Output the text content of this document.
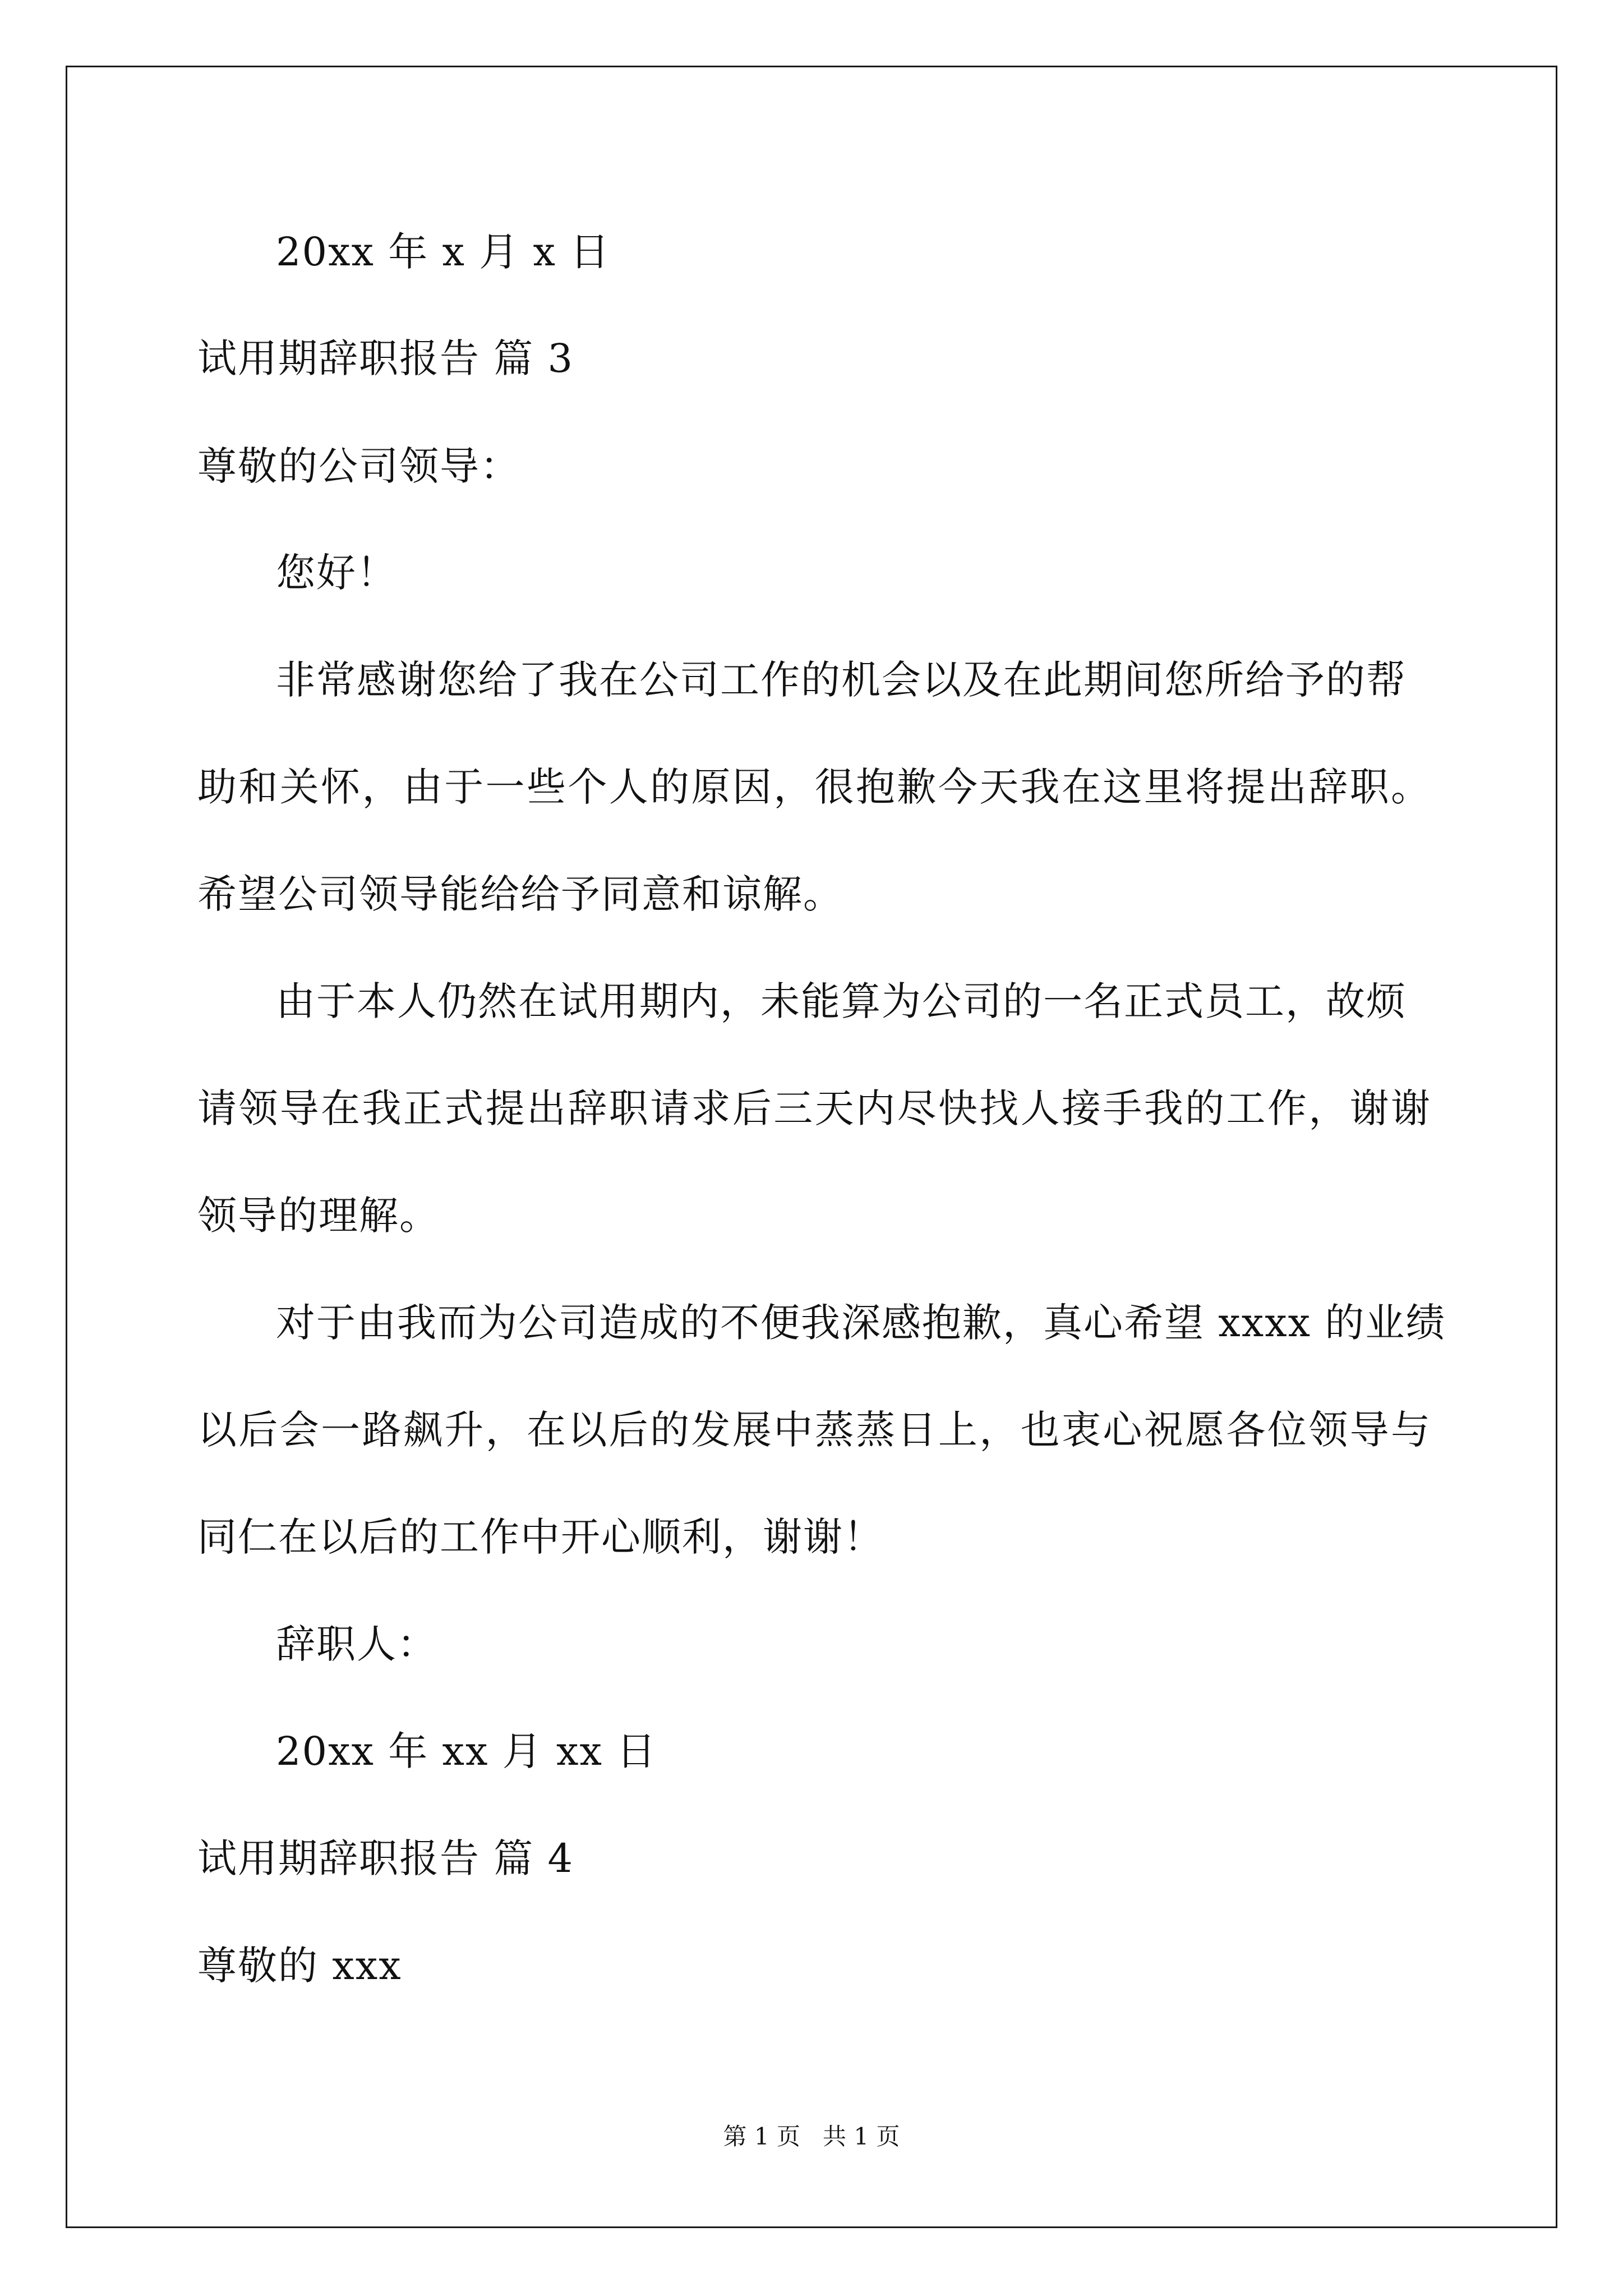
20xx 年 x 月 x 日
试用期辞职报告 篇 3
尊敬的公司领导：
您好！
非常感谢您给了我在公司工作的机会以及在此期间您所给予的帮
助和关怀，由于一些个人的原因，很抱歉今天我在这里将提出辞职。
希望公司领导能给给予同意和谅解。
由于本人仍然在试用期内，未能算为公司的一名正式员工，故烦
请领导在我正式提出辞职请求后三天内尽快找人接手我的工作，谢谢
领导的理解。
对于由我而为公司造成的不便我深感抱歉，真心希望 xxxx 的业绩
以后会一路飙升，在以后的发展中蒸蒸日上，也衷心祝愿各位领导与
同仁在以后的工作中开心顺利，谢谢！
辞职人：
20xx 年 xx 月 xx 日
试用期辞职报告 篇 4
尊敬的 xxx
第 1 页   共 1 页
